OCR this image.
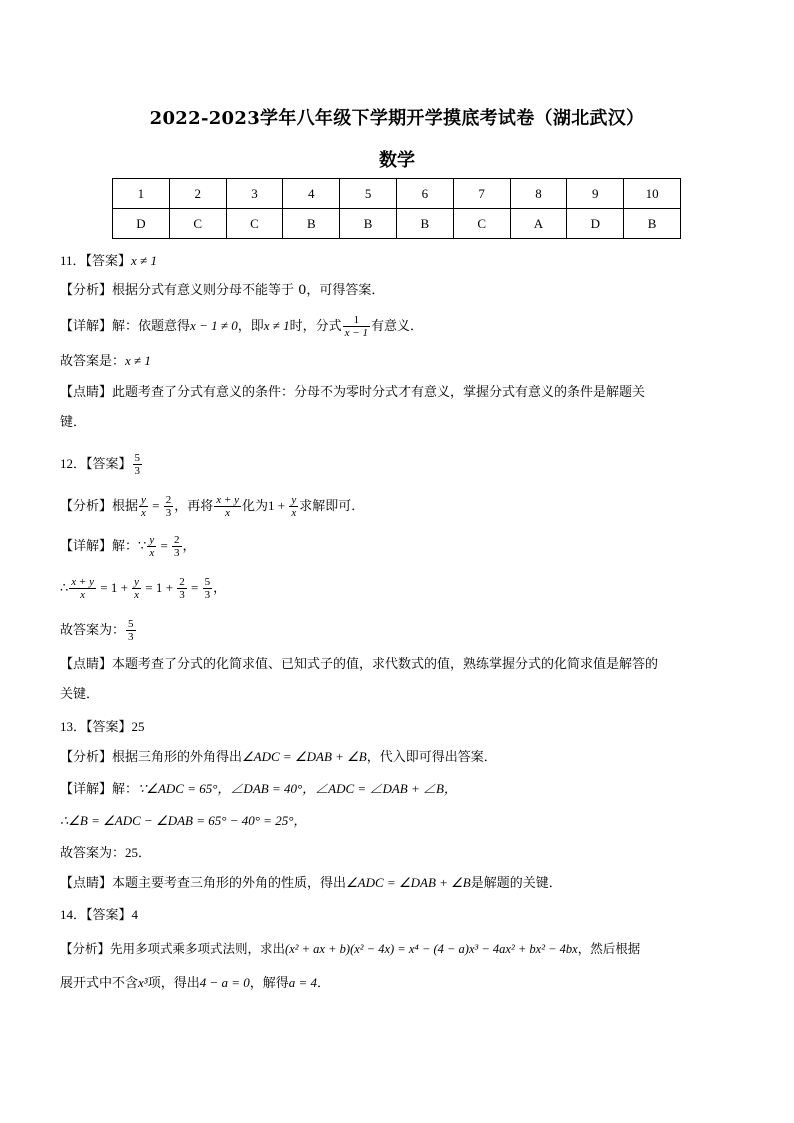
2022-2023学年八年级下学期开学摸底考试卷（湖北武汉）
数学
1	2	3	4	5	6	7	8	9	10
D	C	C	B	B	B	C	A	D	B
11．【答案】x ≠ 1
【分析】根据分式有意义则分母不能等于 0，可得答案．
【详解】解：依题意得x − 1 ≠ 0，即x ≠ 1时，分式 $\frac{1}{x - 1}$ 有意义．
故答案是：x ≠ 1
【点睛】此题考查了分式有意义的条件：分母不为零时分式才有意义，掌握分式有意义的条件是解题关
键．
12．【答案】 $\frac{5}{3}$
【分析】根据 $\frac{y}{x} = \frac{2}{3}$ ，再将 $\frac{x + y}{x}$ 化为$1 + \frac{y}{x}$ 求解即可．
【详解】解：∵ $\frac{y}{x} = \frac{2}{3}$ ，
∴ $\frac{x + y}{x} = 1 + \frac{y}{x} = 1 + \frac{2}{3} = \frac{5}{3}$ ，
故答案为： $\frac{5}{3}$
【点睛】本题考查了分式的化简求值、已知式子的值，求代数式的值，熟练掌握分式的化简求值是解答的
关键．
13．【答案】25
【分析】根据三角形的外角得出∠ADC = ∠DAB + ∠B，代入即可得出答案．
【详解】解：∵∠ADC = 65°，∠DAB = 40°，∠ADC = ∠DAB + ∠B，
∴∠B = ∠ADC − ∠DAB = 65° − 40° = 25°，
故答案为：25．
【点睛】本题主要考查三角形的外角的性质，得出∠ADC = ∠DAB + ∠B是解题的关键．
14．【答案】4
【分析】先用多项式乘多项式法则，求出(x² + ax + b)(x² − 4x) = x⁴ − (4 − a)x³ − 4ax² + bx² − 4bx，然后根据
展开式中不含x³项，得出4 − a = 0，解得a = 4．
